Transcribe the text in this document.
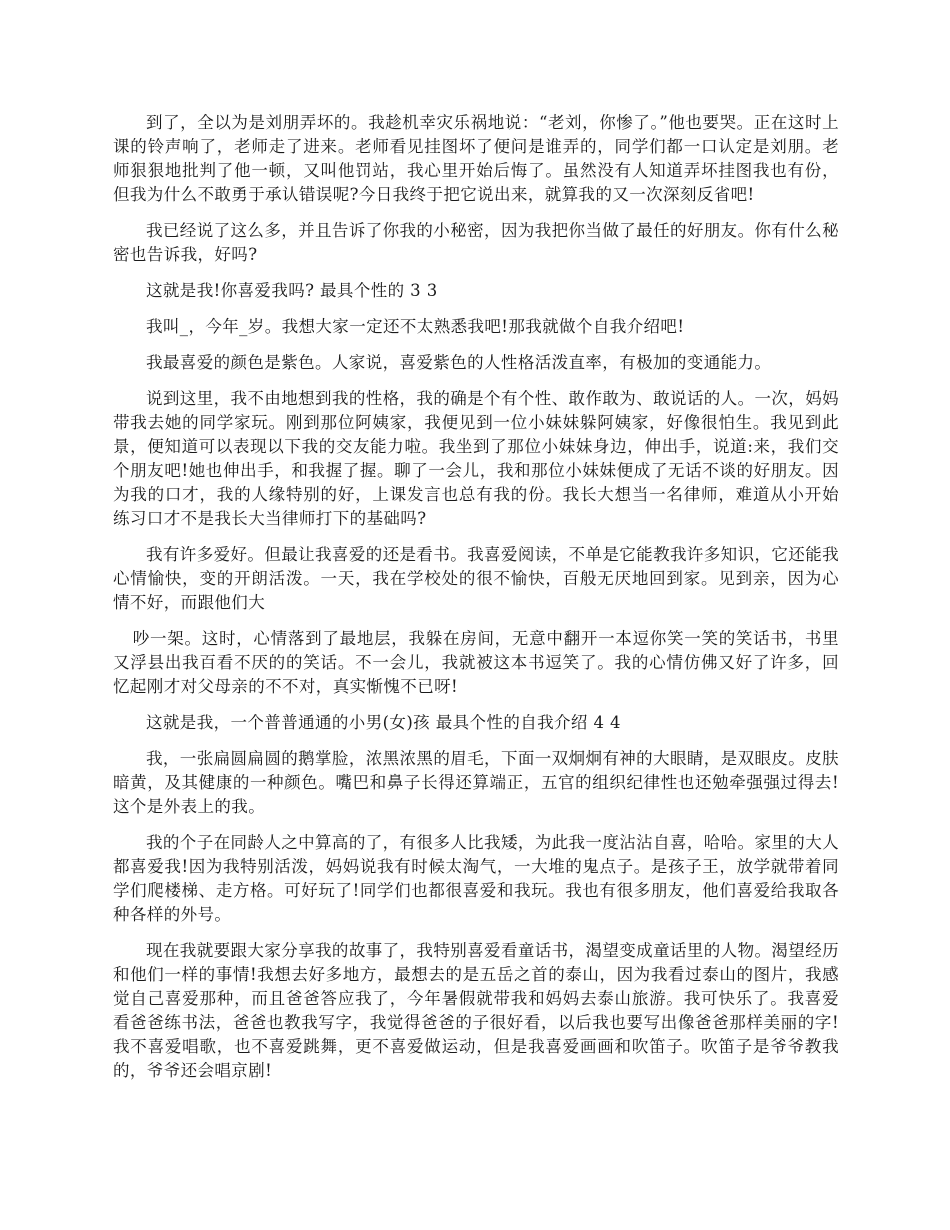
到了，全以为是刘朋弄坏的。我趁机幸灾乐祸地说：“老刘，你惨了。”他也要哭。正在这时上课的铃声响了，老师走了进来。老师看见挂图坏了便问是谁弄的，同学们都一口认定是刘朋。老师狠狠地批判了他一顿，又叫他罚站，我心里开始后悔了。虽然没有人知道弄坏挂图我也有份，但我为什么不敢勇于承认错误呢?今日我终于把它说出来，就算我的又一次深刻反省吧!

我已经说了这么多，并且告诉了你我的小秘密，因为我把你当做了最任的好朋友。你有什么秘密也告诉我，好吗?

这就是我!你喜爱我吗? 最具个性的 3 3

我叫_，今年_岁。我想大家一定还不太熟悉我吧!那我就做个自我介绍吧!

我最喜爱的颜色是紫色。人家说，喜爱紫色的人性格活泼直率，有极加的变通能力。

说到这里，我不由地想到我的性格，我的确是个有个性、敢作敢为、敢说话的人。一次，妈妈带我去她的同学家玩。刚到那位阿姨家，我便见到一位小妹妹躲阿姨家，好像很怕生。我见到此景，便知道可以表现以下我的交友能力啦。我坐到了那位小妹妹身边，伸出手，说道:来，我们交个朋友吧!她也伸出手，和我握了握。聊了一会儿，我和那位小妹妹便成了无话不谈的好朋友。因为我的口才，我的人缘特别的好，上课发言也总有我的份。我长大想当一名律师，难道从小开始练习口才不是我长大当律师打下的基础吗?

我有许多爱好。但最让我喜爱的还是看书。我喜爱阅读，不单是它能教我许多知识，它还能我心情愉快，变的开朗活泼。一天，我在学校处的很不愉快，百般无厌地回到家。见到亲，因为心情不好，而跟他们大

吵一架。这时，心情落到了最地层，我躲在房间，无意中翻开一本逗你笑一笑的笑话书，书里又浮县出我百看不厌的的笑话。不一会儿，我就被这本书逗笑了。我的心情仿佛又好了许多，回忆起刚才对父母亲的不不对，真实惭愧不已呀!

这就是我，一个普普通通的小男(女)孩 最具个性的自我介绍 4 4

我，一张扁圆扁圆的鹅掌脸，浓黑浓黑的眉毛，下面一双炯炯有神的大眼睛，是双眼皮。皮肤暗黄，及其健康的一种颜色。嘴巴和鼻子长得还算端正，五官的组织纪律性也还勉牵强强过得去!这个是外表上的我。

我的个子在同龄人之中算高的了，有很多人比我矮，为此我一度沾沾自喜，哈哈。家里的大人都喜爱我!因为我特别活泼，妈妈说我有时候太淘气，一大堆的鬼点子。是孩子王，放学就带着同学们爬楼梯、走方格。可好玩了!同学们也都很喜爱和我玩。我也有很多朋友，他们喜爱给我取各种各样的外号。

现在我就要跟大家分享我的故事了，我特别喜爱看童话书，渴望变成童话里的人物。渴望经历和他们一样的事情!我想去好多地方，最想去的是五岳之首的泰山，因为我看过泰山的图片，我感觉自己喜爱那种，而且爸爸答应我了，今年暑假就带我和妈妈去泰山旅游。我可快乐了。我喜爱看爸爸练书法，爸爸也教我写字，我觉得爸爸的子很好看，以后我也要写出像爸爸那样美丽的字!我不喜爱唱歌，也不喜爱跳舞，更不喜爱做运动，但是我喜爱画画和吹笛子。吹笛子是爷爷教我的，爷爷还会唱京剧!
